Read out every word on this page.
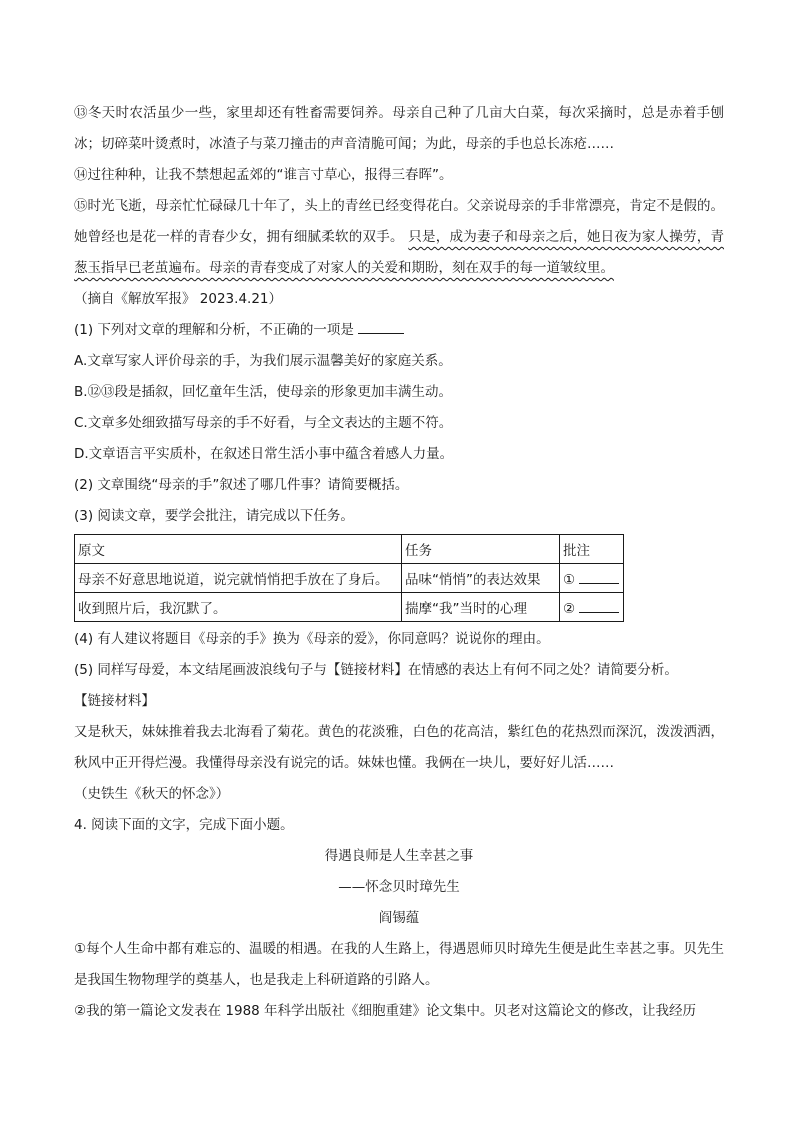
⑬冬天时农活虽少一些，家里却还有牲畜需要饲养。母亲自己种了几亩大白菜，每次采摘时，总是赤着手刨冰；切碎菜叶烫煮时，冰渣子与菜刀撞击的声音清脆可闻；为此，母亲的手也总长冻疮……

⑭过往种种，让我不禁想起孟郊的“谁言寸草心，报得三春晖”。

⑮时光飞逝，母亲忙忙碌碌几十年了，头上的青丝已经变得花白。父亲说母亲的手非常漂亮，肯定不是假的。她曾经也是花一样的青春少女，拥有细腻柔软的双手。 只是，成为妻子和母亲之后，她日夜为家人操劳，青葱玉指早已老茧遍布。母亲的青春变成了对家人的关爱和期盼，刻在双手的每一道皱纹里。

（摘自《解放军报》 2023.4.21）

(1) 下列对文章的理解和分析，不正确的一项是

A.文章写家人评价母亲的手，为我们展示温馨美好的家庭关系。

B.⑫⑬段是插叙，回忆童年生活，使母亲的形象更加丰满生动。

C.文章多处细致描写母亲的手不好看，与全文表达的主题不符。

D.文章语言平实质朴，在叙述日常生活小事中蕴含着感人力量。

(2) 文章围绕“母亲的手”叙述了哪几件事？请简要概括。

(3) 阅读文章，要学会批注，请完成以下任务。

原文	任务	批注
母亲不好意思地说道，说完就悄悄把手放在了身后。	品味“悄悄”的表达效果	①
收到照片后，我沉默了。	揣摩“我”当时的心理	②

(4) 有人建议将题目《母亲的手》换为《母亲的爱》，你同意吗？说说你的理由。

(5) 同样写母爱，本文结尾画波浪线句子与【链接材料】在情感的表达上有何不同之处？请简要分析。

【链接材料】

又是秋天，妹妹推着我去北海看了菊花。黄色的花淡雅，白色的花高洁，紫红色的花热烈而深沉，泼泼洒洒，秋风中正开得烂漫。我懂得母亲没有说完的话。妹妹也懂。我俩在一块儿，要好好儿活……

（史铁生《秋天的怀念》）

4. 阅读下面的文字，完成下面小题。

得遇良师是人生幸甚之事

——怀念贝时璋先生

阎锡蕴

①每个人生命中都有难忘的、温暖的相遇。在我的人生路上，得遇恩师贝时璋先生便是此生幸甚之事。贝先生是我国生物物理学的奠基人，也是我走上科研道路的引路人。

②我的第一篇论文发表在 1988 年科学出版社《细胞重建》论文集中。贝老对这篇论文的修改，让我经历
